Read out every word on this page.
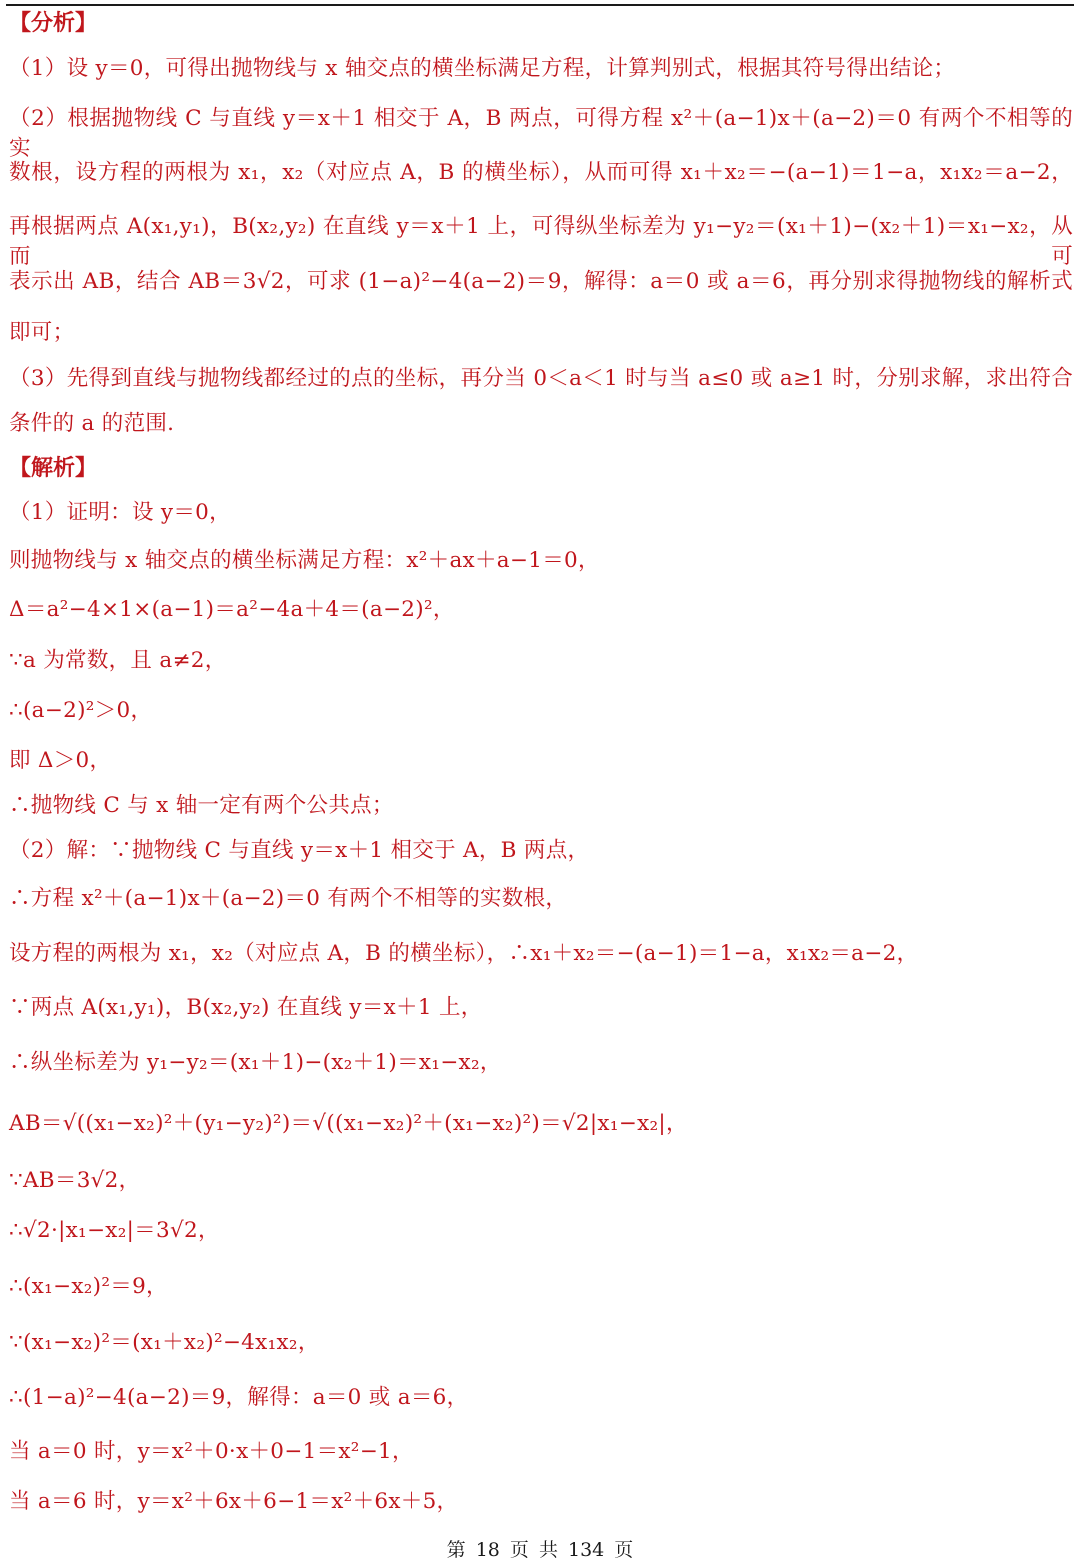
【分析】
（1）设 y＝0，可得出抛物线与 x 轴交点的横坐标满足方程，计算判别式，根据其符号得出结论；
（2）根据抛物线 C 与直线 y＝x＋1 相交于 A，B 两点，可得方程 x²＋(a−1)x＋(a−2)＝0 有两个不相等的实
数根，设方程的两根为 x₁，x₂（对应点 A，B 的横坐标），从而可得 x₁＋x₂＝−(a−1)＝1−a，x₁x₂＝a−2，
再根据两点 A(x₁,y₁)，B(x₂,y₂) 在直线 y＝x＋1 上，可得纵坐标差为 y₁−y₂＝(x₁＋1)−(x₂＋1)＝x₁−x₂，从而可
表示出 AB，结合 AB＝3√2，可求 (1−a)²−4(a−2)＝9，解得：a＝0 或 a＝6，再分别求得抛物线的解析式
即可；
（3）先得到直线与抛物线都经过的点的坐标，再分当 0＜a＜1 时与当 a≤0 或 a≥1 时，分别求解，求出符合
条件的 a 的范围.
【解析】
（1）证明：设 y＝0，
则抛物线与 x 轴交点的横坐标满足方程：x²＋ax＋a−1＝0，
Δ＝a²−4×1×(a−1)＝a²−4a＋4＝(a−2)²，
∵a 为常数，且 a≠2，
∴(a−2)²＞0，
即 Δ＞0，
∴抛物线 C 与 x 轴一定有两个公共点；
（2）解：∵抛物线 C 与直线 y＝x＋1 相交于 A，B 两点，
∴方程 x²＋(a−1)x＋(a−2)＝0 有两个不相等的实数根，
设方程的两根为 x₁，x₂（对应点 A，B 的横坐标），∴x₁＋x₂＝−(a−1)＝1−a，x₁x₂＝a−2，
∵两点 A(x₁,y₁)，B(x₂,y₂) 在直线 y＝x＋1 上，
∴纵坐标差为 y₁−y₂＝(x₁＋1)−(x₂＋1)＝x₁−x₂，
AB＝√((x₁−x₂)²＋(y₁−y₂)²)＝√((x₁−x₂)²＋(x₁−x₂)²)＝√2|x₁−x₂|，
∵AB＝3√2，
∴√2·|x₁−x₂|＝3√2，
∴(x₁−x₂)²＝9，
∵(x₁−x₂)²＝(x₁＋x₂)²−4x₁x₂，
∴(1−a)²−4(a−2)＝9，解得：a＝0 或 a＝6，
当 a＝0 时，y＝x²＋0·x＋0−1＝x²−1，
当 a＝6 时，y＝x²＋6x＋6−1＝x²＋6x＋5，
第 18 页 共 134 页
